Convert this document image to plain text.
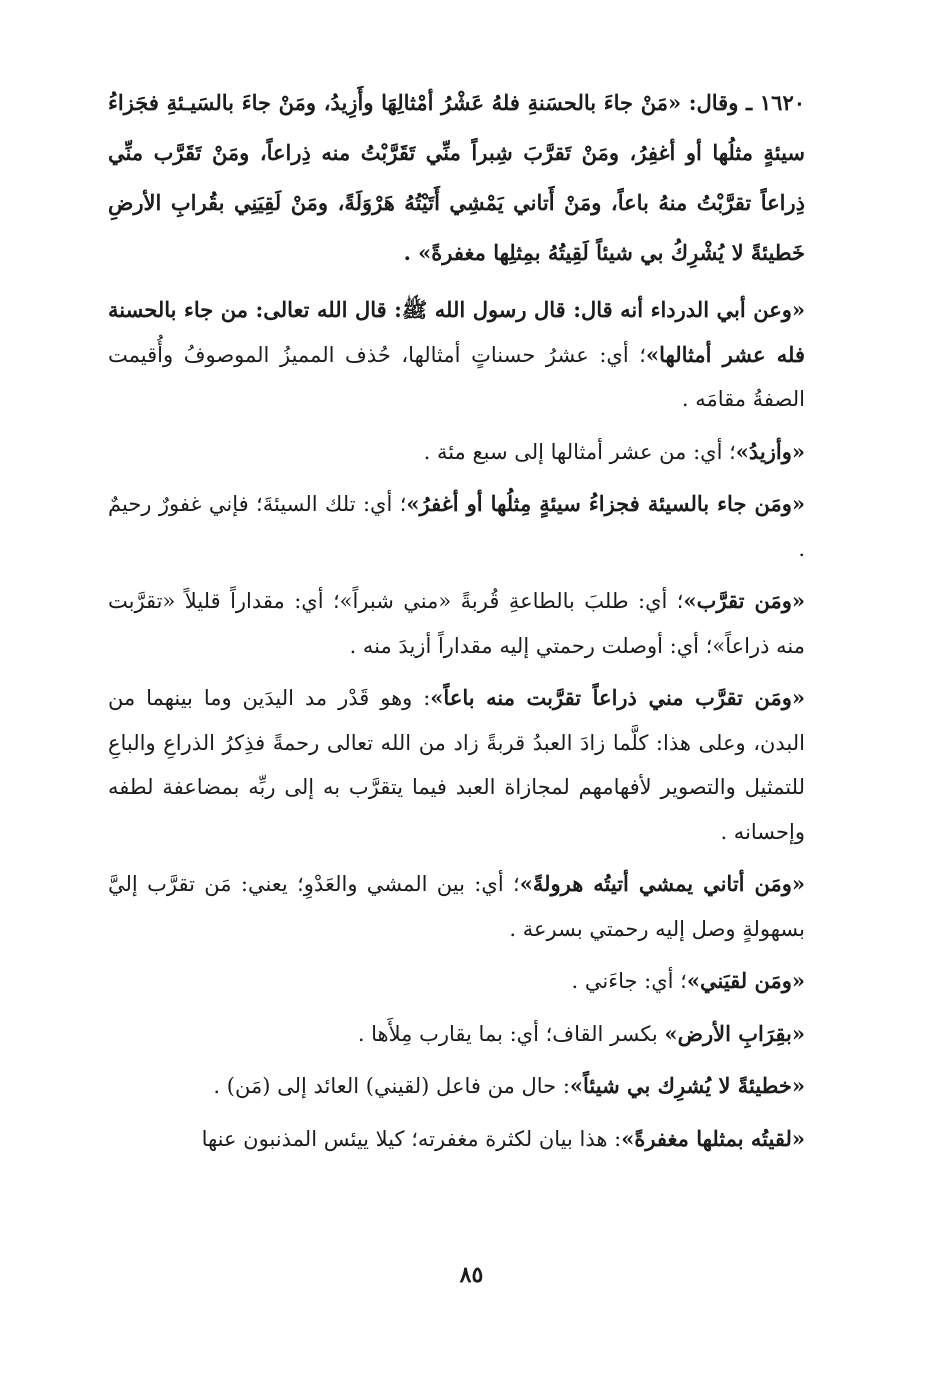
١٦٢٠ ـ وقال: «مَنْ جاءَ بالحسَنةِ فلهُ عَشْرُ أمْثالِهَا وأَزِيدُ، ومَنْ جاءَ بالسَيـئةِ فجَزاءُ سيئةٍ مثلُها أو أغفِرُ، ومَنْ تَقرَّبَ شِبراً منِّي تَقَرَّبْتُ منه ذِراعاً، ومَنْ تَقَرَّب منِّي ذِراعاً تقرَّبْتُ منهُ باعاً، ومَنْ أَتاني يَمْشِي أَتَيْتُهُ هَرْوَلَةً، ومَنْ لَقِيَنِي بقُرابِ الأرضِ خَطيئةً لا يُشْرِكُ بي شيئاً لَقِيتُهُ بمِثلِها مغفرةً» .

«وعن أبي الدرداء أنه قال: قال رسول الله ﷺ: قال الله تعالى: من جاء بالحسنة فله عشر أمثالها»؛ أي: عشرُ حسناتٍ أمثالها، حُذف المميزُ الموصوفُ وأُقيمت الصفةُ مقامَه .

«وأزيدُ»؛ أي: من عشر أمثالها إلى سبع مئة .

«ومَن جاء بالسيئة فجزاءُ سيئةٍ مِثلُها أو أغفرُ»؛ أي: تلك السيئةَ؛ فإني غفورٌ رحيمٌ .

«ومَن تقرَّب»؛ أي: طلبَ بالطاعةِ قُربةً «مني شبراً»؛ أي: مقداراً قليلاً «تقرَّبت منه ذراعاً»؛ أي: أوصلت رحمتي إليه مقداراً أزيدَ منه .

«ومَن تقرَّب مني ذراعاً تقرَّبت منه باعاً»: وهو قَدْر مد اليدَين وما بينهما من البدن، وعلى هذا: كلَّما زادَ العبدُ قربةً زاد من الله تعالى رحمةً فذِكرُ الذراعِ والباعِ للتمثيل والتصوير لأفهامهم لمجازاة العبد فيما يتقرَّب به إلى ربِّه بمضاعفة لطفه وإحسانه .

«ومَن أتاني يمشي أتيتُه هرولةً»؛ أي: بين المشي والعَدْوِ؛ يعني: مَن تقرَّب إليَّ بسهولةٍ وصل إليه رحمتي بسرعة .

«ومَن لقيَني»؛ أي: جاءَني .

«بقِرَابِ الأرض» بكسر القاف؛ أي: بما يقارب مِلأَها .

«خطيئةً لا يُشرِك بي شيئاً»: حال من فاعل (لقيني) العائد إلى (مَن) .

«لقيتُه بمثلها مغفرةً»: هذا بيان لكثرة مغفرته؛ كيلا ييئس المذنبون عنها

٨٥
